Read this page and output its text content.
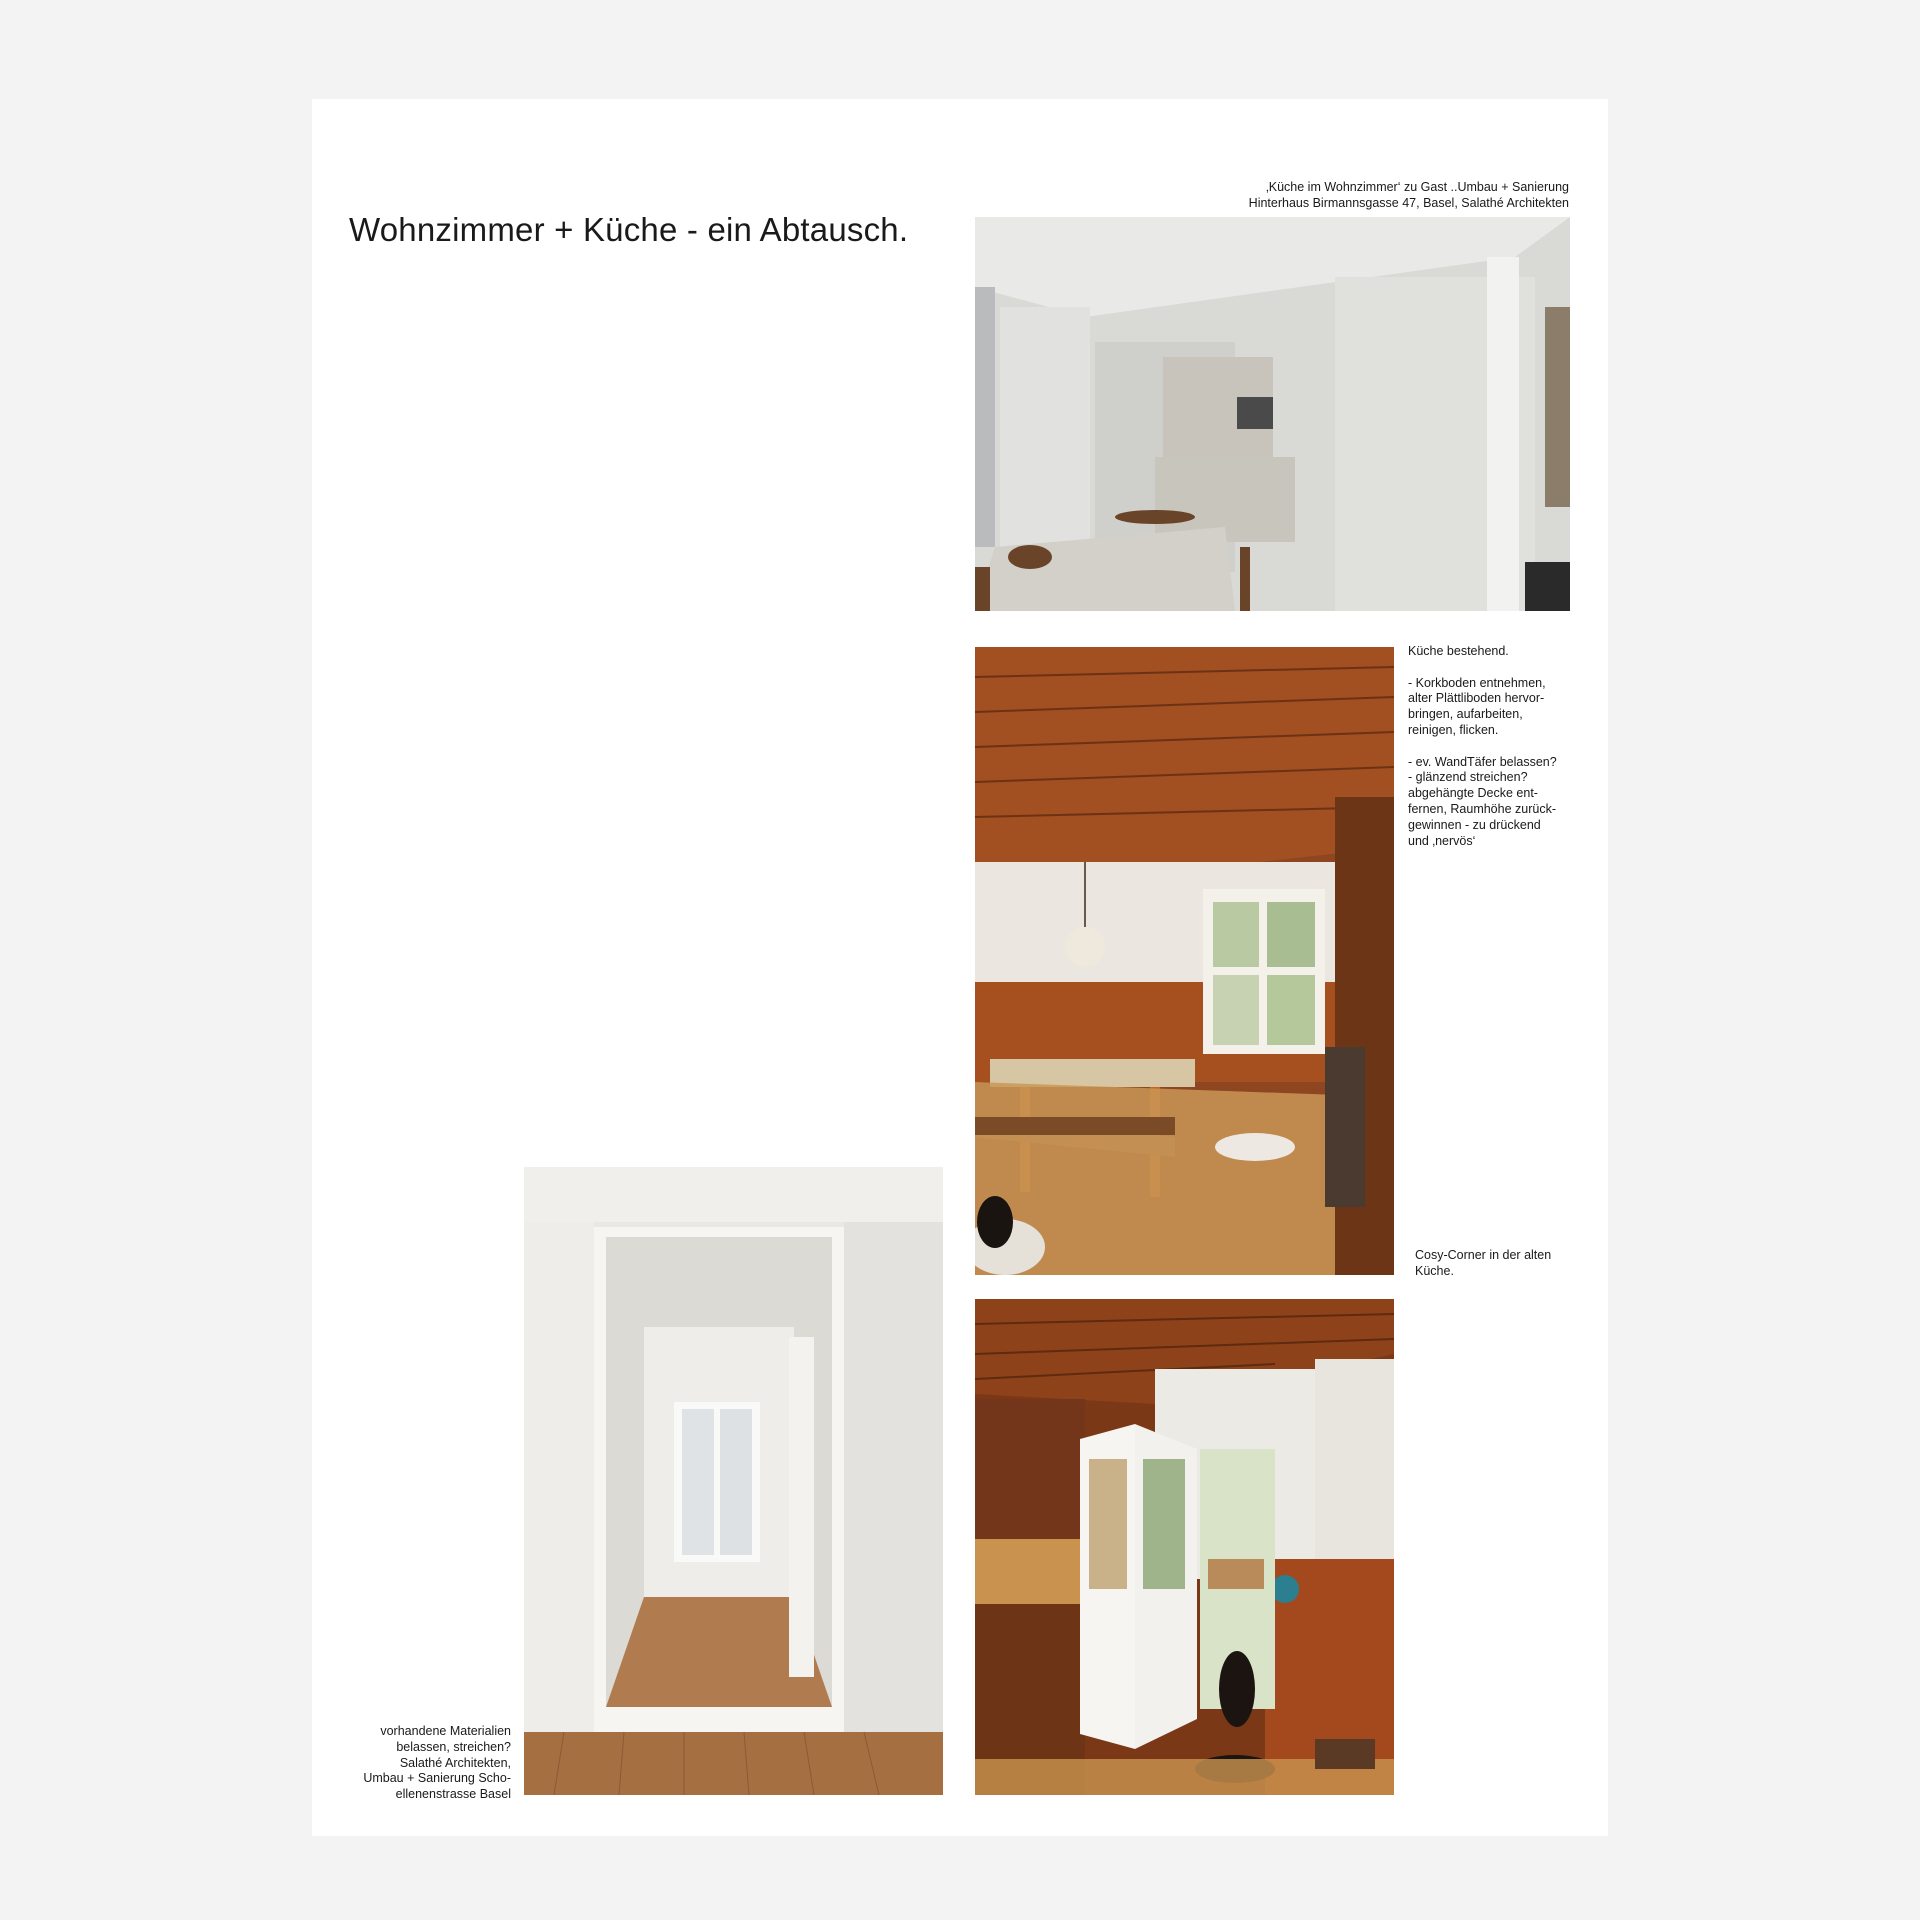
Wohnzimmer + Küche - ein Abtausch.
‚Küche im Wohnzimmer‘ zu Gast ..Umbau + Sanierung
Hinterhaus Birmannsgasse 47, Basel, Salathé Architekten
Küche bestehend.

- Korkboden entnehmen,
alter Plättliboden hervor-
bringen, aufarbeiten,
reinigen, flicken.

- ev. WandTäfer belassen?
- glänzend streichen?
abgehängte Decke ent-
fernen, Raumhöhe zurück-
gewinnen - zu drückend
und ‚nervös‘
Cosy-Corner in der alten
Küche.
vorhandene Materialien
belassen, streichen?
Salathé Architekten,
Umbau + Sanierung Scho-
ellenenstrasse Basel
